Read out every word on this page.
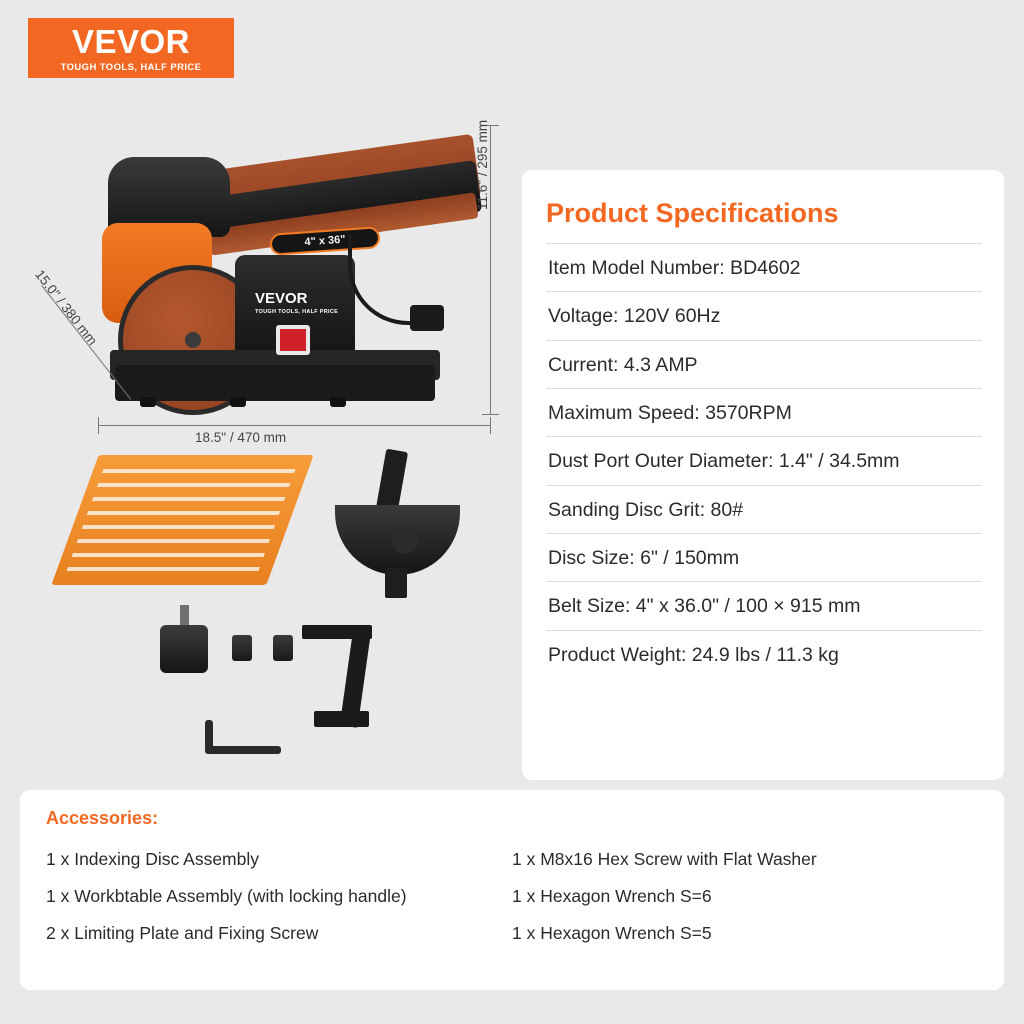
VEVOR
TOUGH TOOLS, HALF PRICE
4" x 36"
VEVOR
TOUGH TOOLS, HALF PRICE
11.6" / 295 mm
18.5" / 470 mm
15.0" / 380 mm
Product Specifications
Item Model Number: BD4602
Voltage: 120V 60Hz
Current: 4.3 AMP
Maximum Speed: 3570RPM
Dust Port Outer Diameter: 1.4" / 34.5mm
Sanding Disc Grit: 80#
Disc Size: 6" / 150mm
Belt Size: 4" x 36.0" / 100 × 915 mm
Product Weight: 24.9 lbs / 11.3 kg
Accessories:
1 x Indexing Disc Assembly
1 x Workbtable Assembly (with locking handle)
2 x Limiting Plate and Fixing Screw
1 x M8x16 Hex Screw with Flat Washer
1 x Hexagon Wrench S=6
1 x Hexagon Wrench S=5
